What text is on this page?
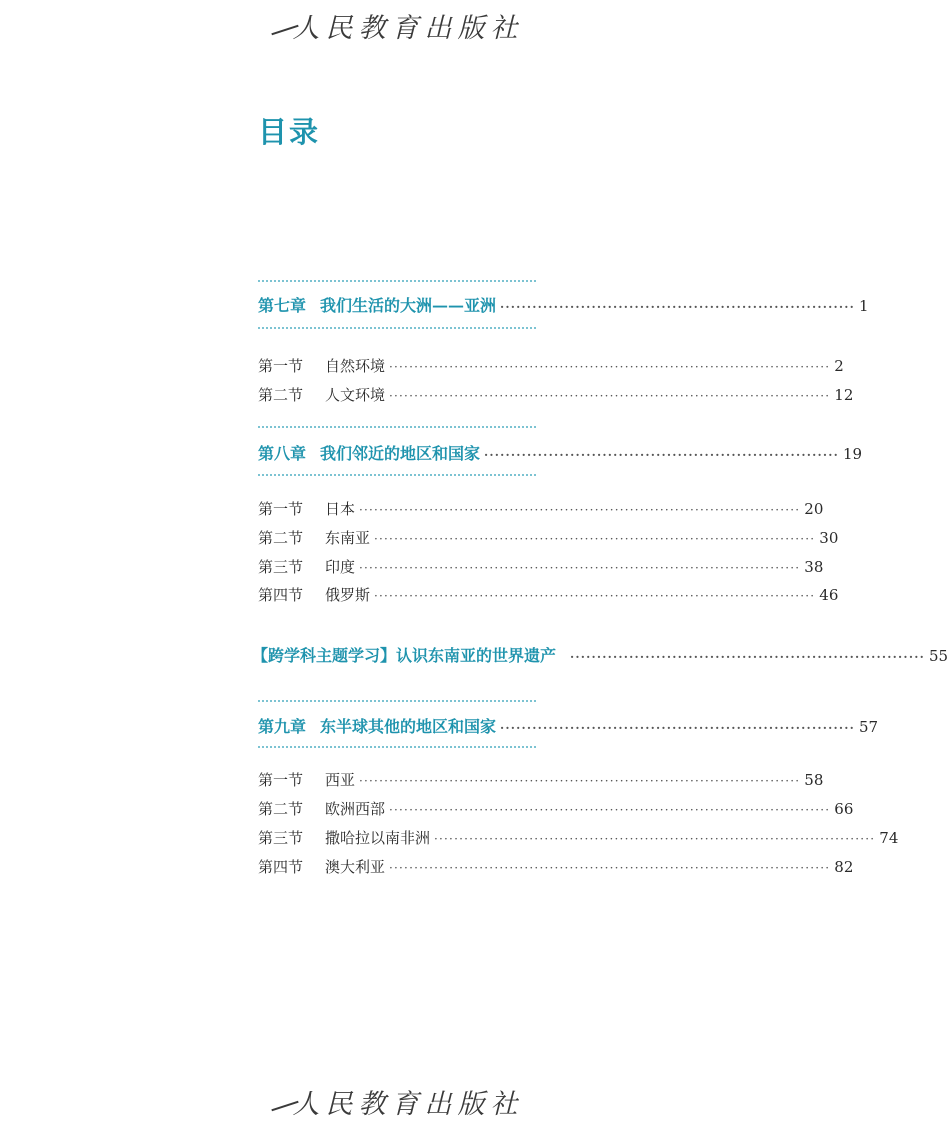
人民教育出版社
目录
第七章 我们生活的大洲——亚洲 ·································································· 1
第一节 自然环境 ························································································ 2
第二节 人文环境 ························································································ 12
第八章 我们邻近的地区和国家 ·································································· 19
第一节 日本 ························································································ 20
第二节 东南亚 ························································································ 30
第三节 印度 ························································································ 38
第四节 俄罗斯 ························································································ 46
【跨学科主题学习】认识东南亚的世界遗产 ·································································· 55
第九章 东半球其他的地区和国家 ·································································· 57
第一节 西亚 ························································································ 58
第二节 欧洲西部 ························································································ 66
第三节 撒哈拉以南非洲 ························································································ 74
第四节 澳大利亚 ························································································ 82
人民教育出版社
